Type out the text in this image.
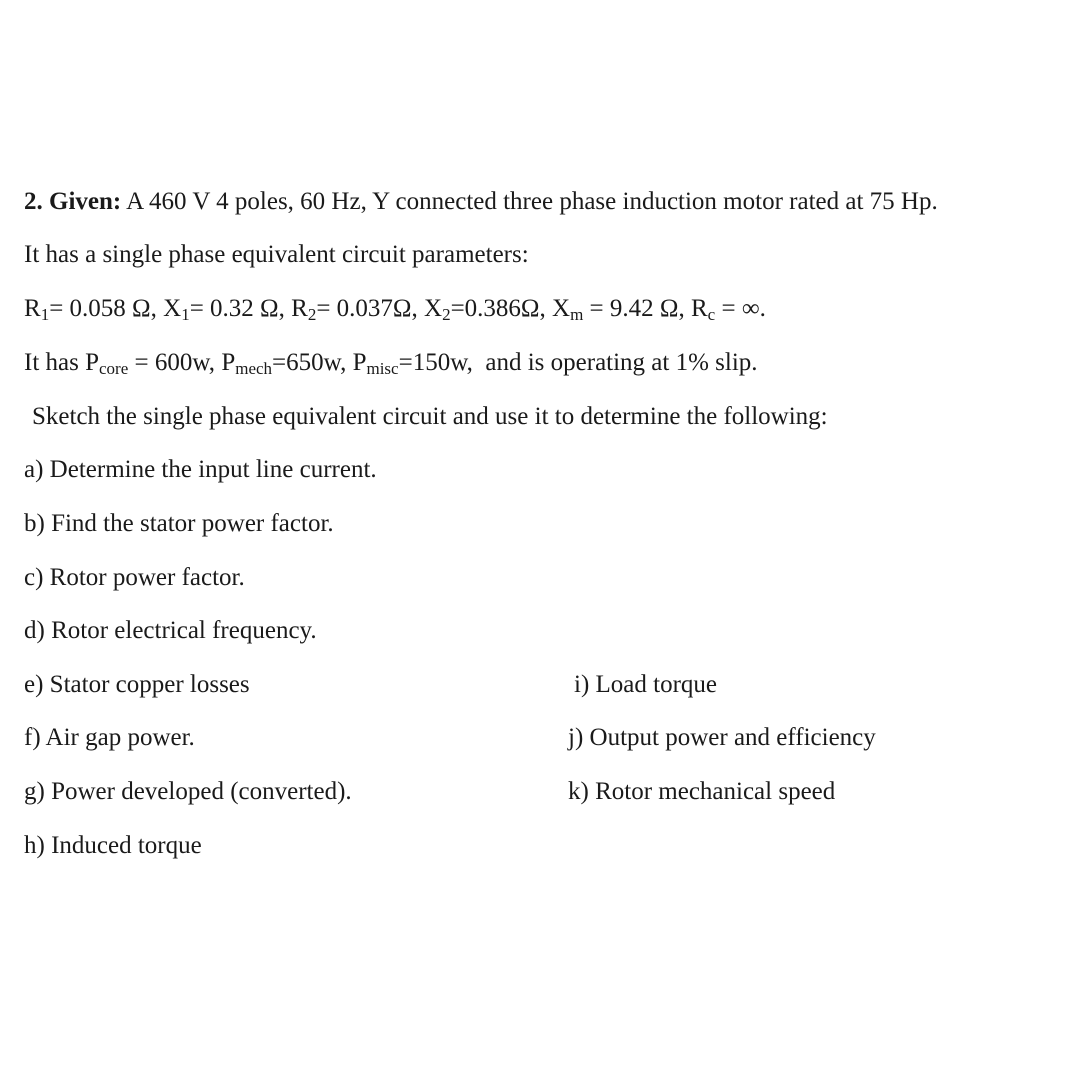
2. Given: A 460 V 4 poles, 60 Hz, Y connected three phase induction motor rated at 75 Hp.
It has a single phase equivalent circuit parameters:
$R_1= 0.058$ Ω, $X_1= 0.32$ Ω, $R_2= 0.037\Omega$, $X_2=0.386\Omega$, $X_m = 9.42$ Ω, $R_c$ = ∞.
It has $P_{core} = 600w$, $P_{mech}=650w$, $P_{misc}=150w$,  and is operating at 1% slip.
Sketch the single phase equivalent circuit and use it to determine the following:
a) Determine the input line current.
b) Find the stator power factor.
c) Rotor power factor.
d) Rotor electrical frequency.
e) Stator copper losses
f) Air gap power.
g) Power developed (converted).
h) Induced torque
i) Load torque
j) Output power and efficiency
k) Rotor mechanical speed
